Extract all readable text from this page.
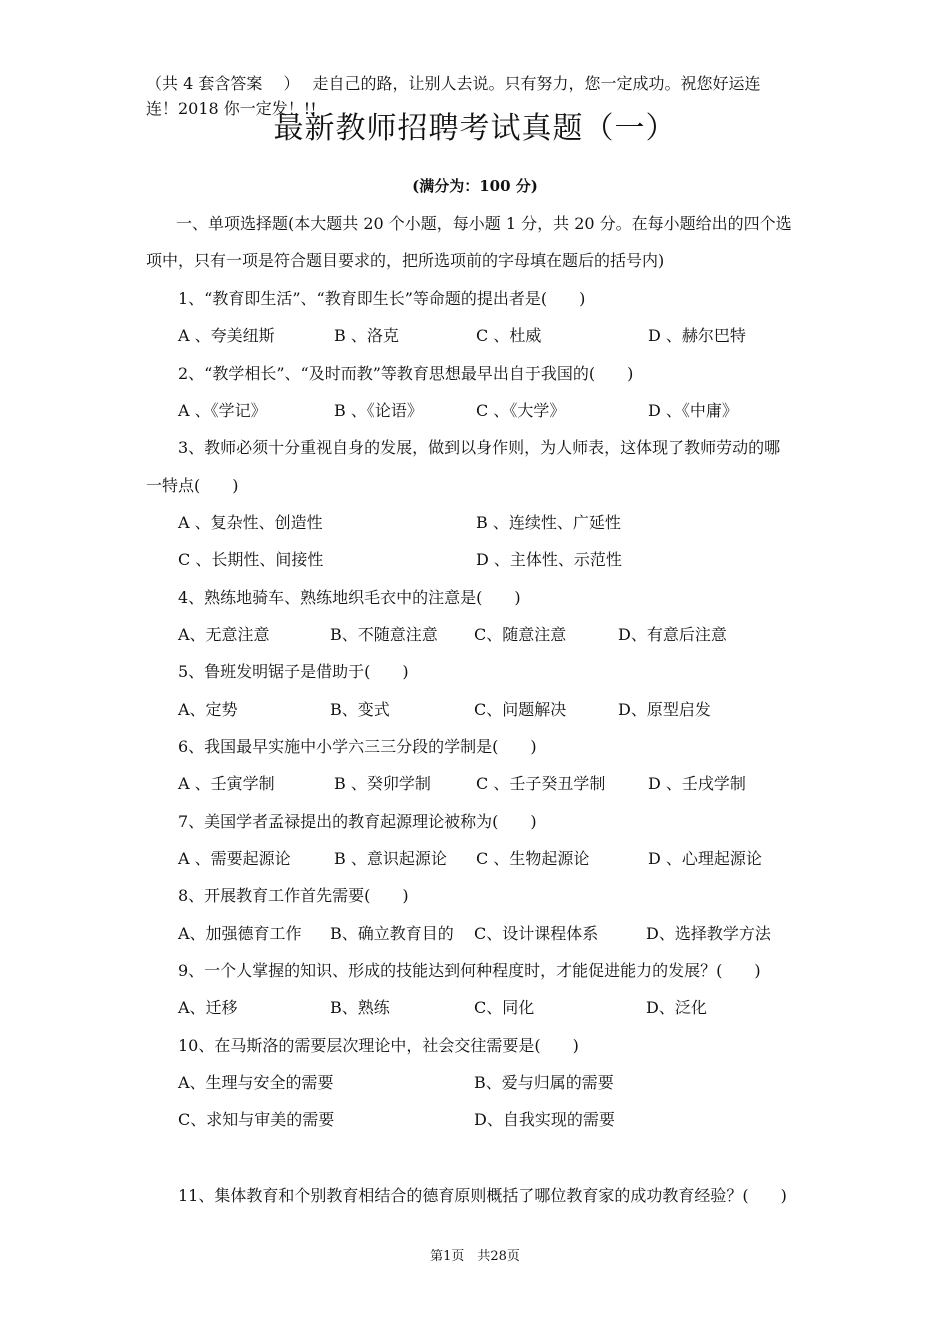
（共 4 套含答案　 ）　 走自己的路，让别人去说。只有努力，您一定成功。祝您好运连
连！2018 你一定发！!!
最新教师招聘考试真题（一）
(满分为：100 分)
一、单项选择题(本大题共 20 个小题，每小题 1 分，共 20 分。在每小题给出的四个选
项中，只有一项是符合题目要求的，把所选项前的字母填在题后的括号内)
1、“教育即生活”、“教育即生长”等命题的提出者是(　　)
A 、夸美纽斯	B 、洛克	C 、杜威	D 、赫尔巴特
2、“教学相长”、“及时而教”等教育思想最早出自于我国的(　　)
A 、《学记》	B 、《论语》	C 、《大学》	D 、《中庸》
3、教师必须十分重视自身的发展，做到以身作则，为人师表，这体现了教师劳动的哪
一特点(　　)
A 、复杂性、创造性	B 、连续性、广延性
C 、长期性、间接性	D 、主体性、示范性
4、熟练地骑车、熟练地织毛衣中的注意是(　　)
A、无意注意	B、不随意注意 C、随意注意	D、有意后注意
5、鲁班发明锯子是借助于(　　)
A、定势	B、变式	C、问题解决	D、原型启发
6、我国最早实施中小学六三三分段的学制是(　　)
A 、壬寅学制	B 、癸卯学制	C 、壬子癸丑学制	D 、壬戌学制
7、美国学者孟禄提出的教育起源理论被称为(　　)
A 、需要起源论	B 、意识起源论 C 、生物起源论	D 、心理起源论
8、开展教育工作首先需要(　　)
A、加强德育工作 B、确立教育目的 C、设计课程体系	D、选择教学方法
9、一个人掌握的知识、形成的技能达到何种程度时，才能促进能力的发展？(　　)
A、迁移	B、熟练	C、同化	D、泛化
10、在马斯洛的需要层次理论中，社会交往需要是(　　)
A、生理与安全的需要	B、爱与归属的需要
C、求知与审美的需要	D、自我实现的需要
11、集体教育和个别教育相结合的德育原则概括了哪位教育家的成功教育经验？(　　)
第1页　共28页
